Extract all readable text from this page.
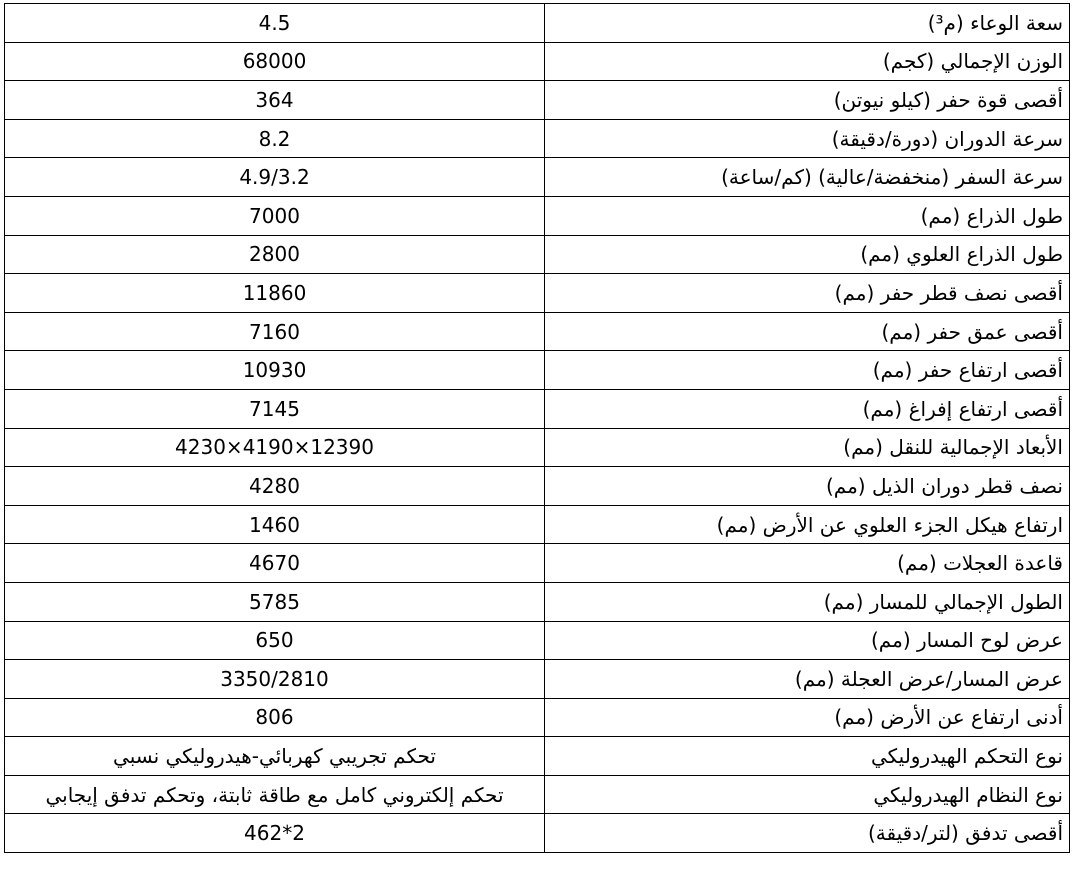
4.5	سعة الوعاء (م³)
68000	الوزن الإجمالي (كجم)
364	أقصى قوة حفر (كيلو نيوتن)
8.2	سرعة الدوران (دورة/دقيقة)
4.9/3.2	سرعة السفر (منخفضة/عالية) (كم/ساعة)
7000	طول الذراع (مم)
2800	طول الذراع العلوي (مم)
11860	أقصى نصف قطر حفر (مم)
7160	أقصى عمق حفر (مم)
10930	أقصى ارتفاع حفر (مم)
7145	أقصى ارتفاع إفراغ (مم)
4230×4190×12390	الأبعاد الإجمالية للنقل (مم)
4280	نصف قطر دوران الذيل (مم)
1460	ارتفاع هيكل الجزء العلوي عن الأرض (مم)
4670	قاعدة العجلات (مم)
5785	الطول الإجمالي للمسار (مم)
650	عرض لوح المسار (مم)
3350/2810	عرض المسار/عرض العجلة (مم)
806	أدنى ارتفاع عن الأرض (مم)
تحكم تجريبي كهربائي-هيدروليكي نسبي	نوع التحكم الهيدروليكي
تحكم إلكتروني كامل مع طاقة ثابتة، وتحكم تدفق إيجابي	نوع النظام الهيدروليكي
462*2	أقصى تدفق (لتر/دقيقة)
